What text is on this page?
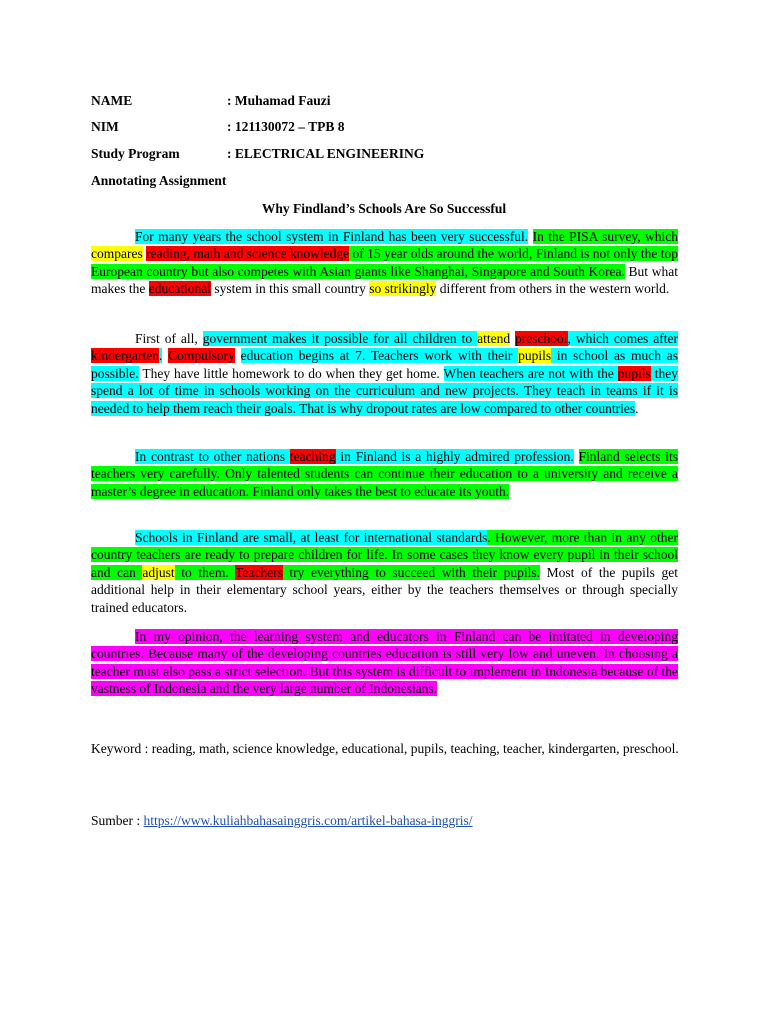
NAME	: Muhamad Fauzi
NIM	: 121130072 – TPB 8
Study Program	: ELECTRICAL ENGINEERING
Annotating Assignment
Why Findland’s Schools Are So Successful
For many years the school system in Finland has been very successful. In the PISA survey, which compares reading, math and science knowledge of 15 year olds around the world, Finland is not only the top European country but also competes with Asian giants like Shanghai, Singapore and South Korea. But what makes the educational system in this small country so strikingly different from others in the western world.
First of all, government makes it possible for all children to attend preschool, which comes after kindergarten. Compulsory education begins at 7. Teachers work with their pupils in school as much as possible. They have little homework to do when they get home. When teachers are not with the pupils they spend a lot of time in schools working on the curriculum and new projects. They teach in teams if it is needed to help them reach their goals. That is why dropout rates are low compared to other countries.
In contrast to other nations teaching in Finland is a highly admired profession. Finland selects its teachers very carefully. Only talented students can continue their education to a university and receive a master’s degree in education. Finland only takes the best to educate its youth.
Schools in Finland are small, at least for international standards. However, more than in any other country teachers are ready to prepare children for life. In some cases they know every pupil in their school and can adjust to them. Teachers try everything to succeed with their pupils. Most of the pupils get additional help in their elementary school years, either by the teachers themselves or through specially trained educators.
In my opinion, the learning system and educators in Finland can be imitated in developing countries. Because many of the developing countries education is still very low and uneven. In choosing a teacher must also pass a strict selection. But this system is difficult to implement in Indonesia because of the vastness of Indonesia and the very large number of Indonesians.
Keyword : reading, math, science knowledge, educational, pupils, teaching, teacher, kindergarten, preschool.
Sumber : https://www.kuliahbahasainggris.com/artikel-bahasa-inggris/
